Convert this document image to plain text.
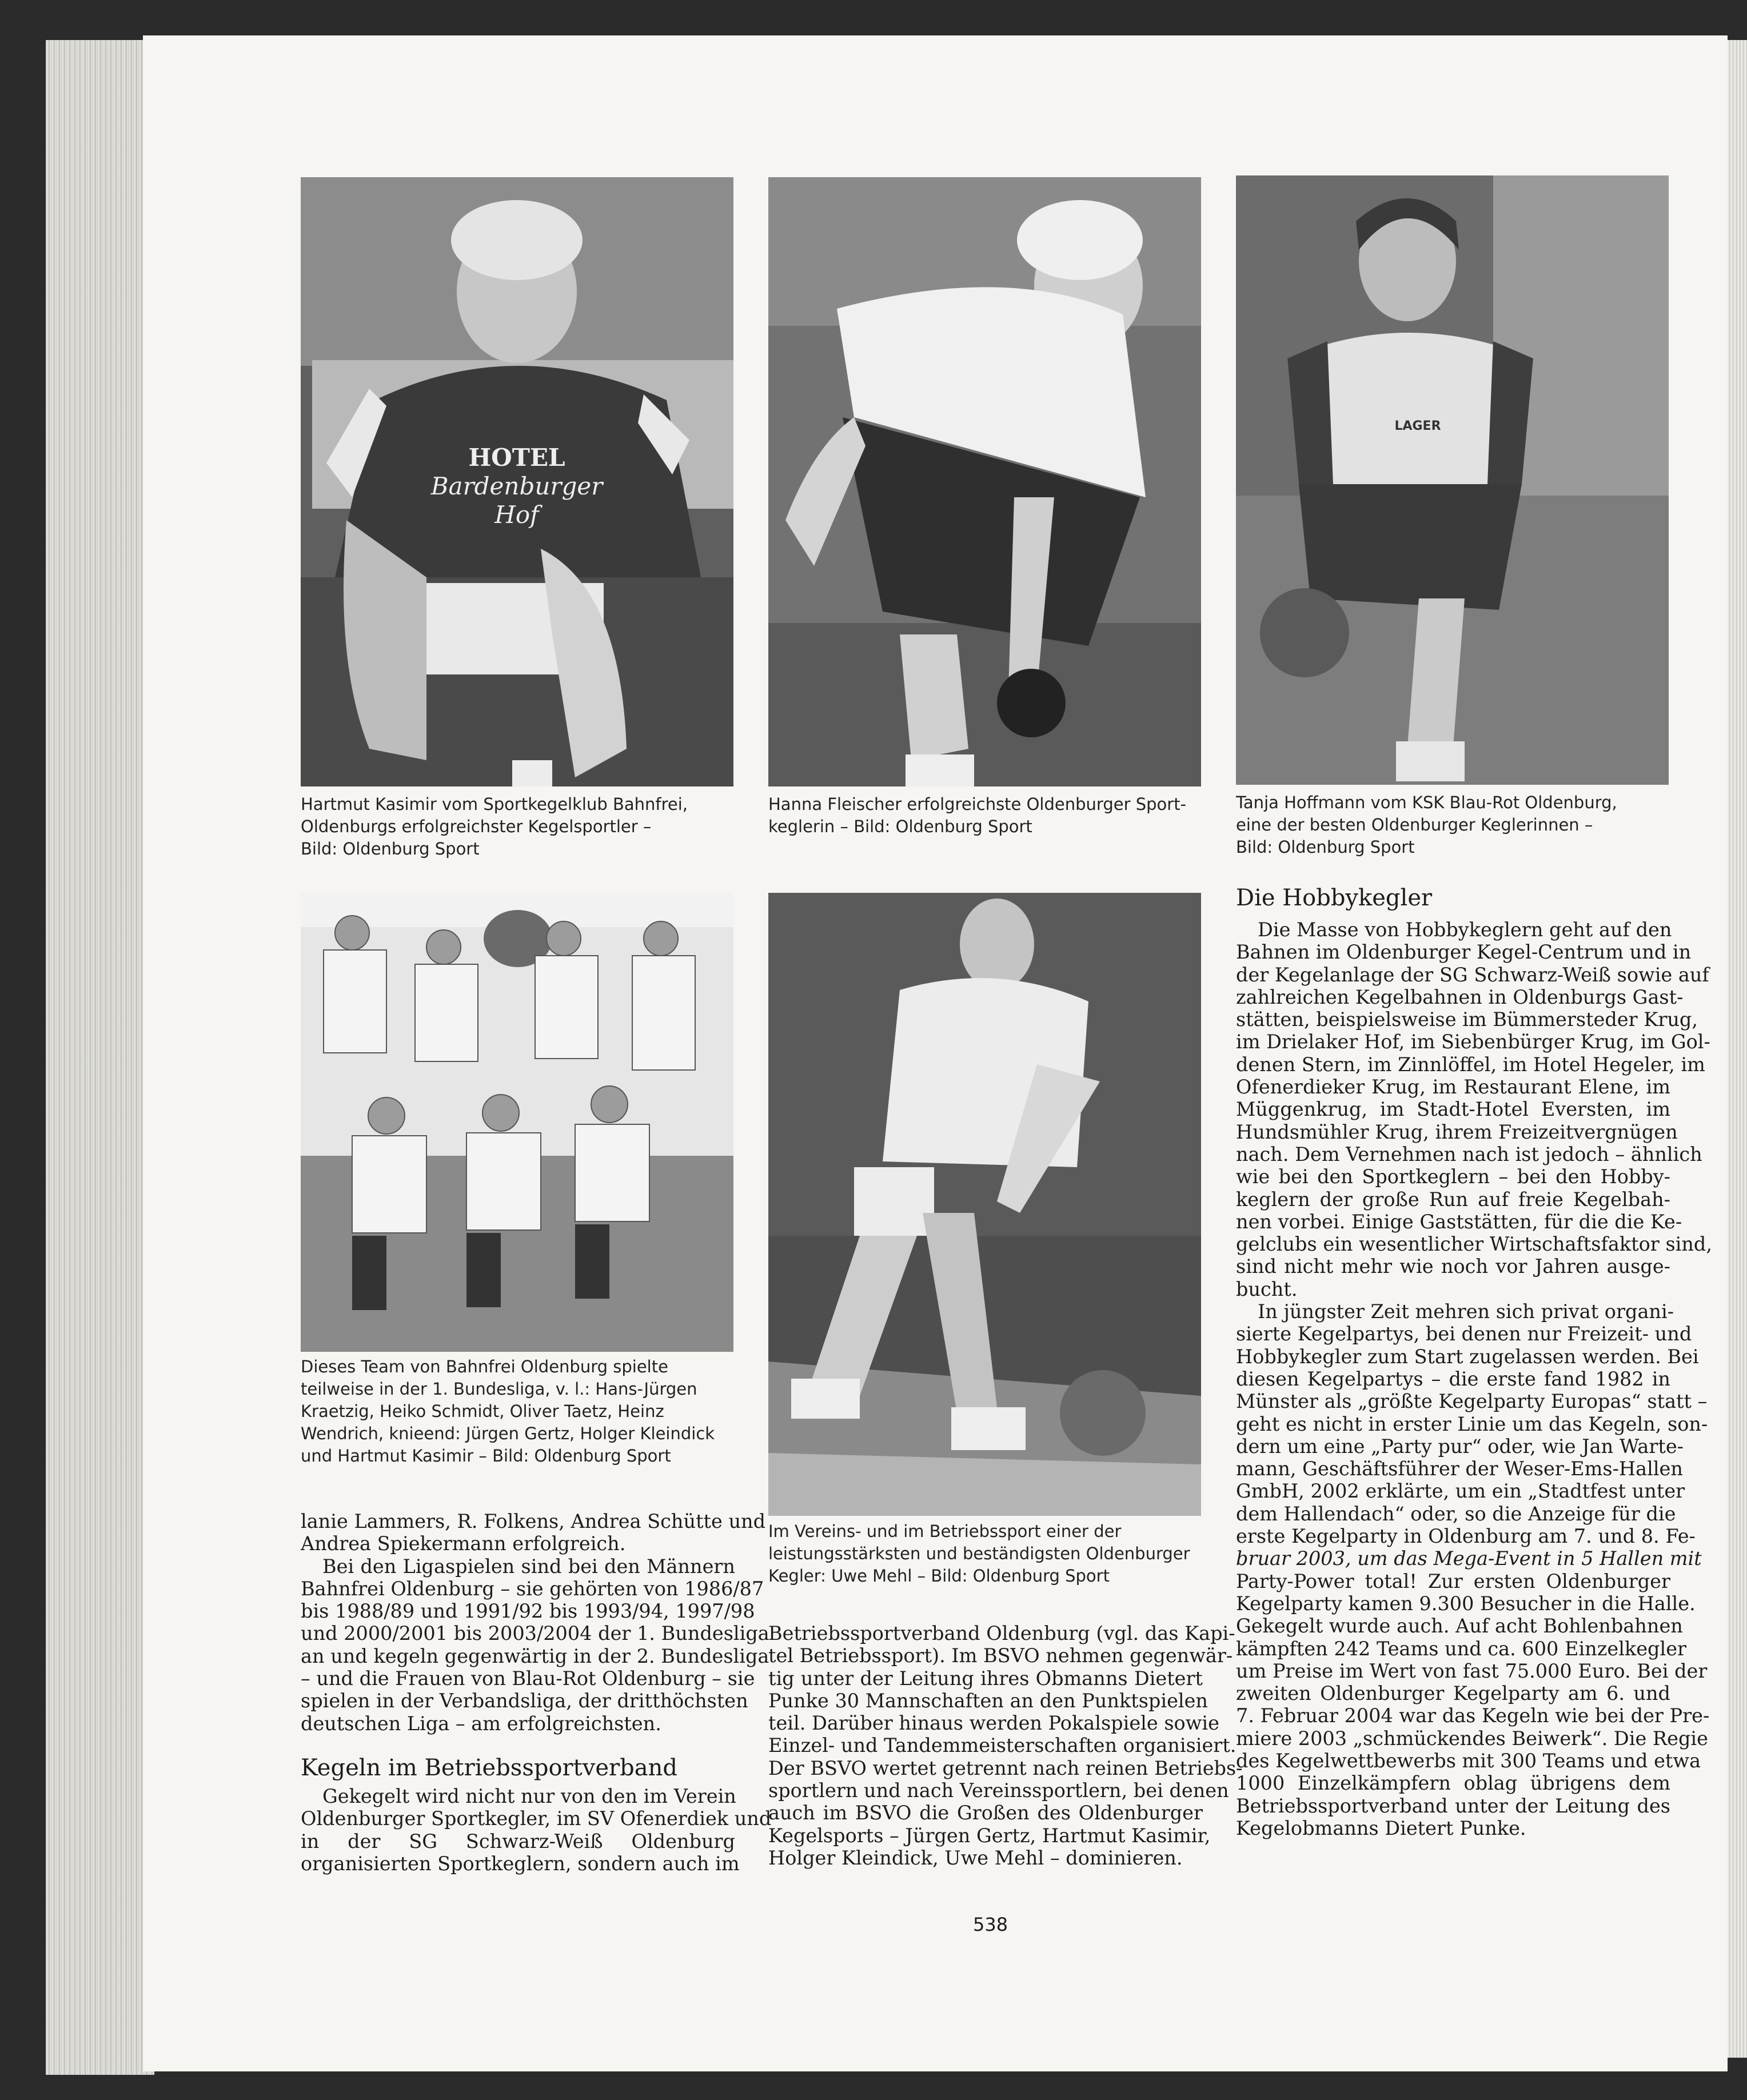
HOTEL
Bardenburger
Hof
Hartmut Kasimir vom Sportkegelklub Bahnfrei,
Oldenburgs erfolgreichster Kegelsportler –
Bild: Oldenburg Sport
Hanna Fleischer erfolgreichste Oldenburger Sport-
keglerin – Bild: Oldenburg Sport
LAGER
Tanja Hoffmann vom KSK Blau-Rot Oldenburg,
eine der besten Oldenburger Keglerinnen –
Bild: Oldenburg Sport
Dieses Team von Bahnfrei Oldenburg spielte
teilweise in der 1. Bundesliga, v. l.: Hans-Jürgen
Kraetzig, Heiko Schmidt, Oliver Taetz, Heinz
Wendrich, knieend: Jürgen Gertz, Holger Kleindick
und Hartmut Kasimir – Bild: Oldenburg Sport
Im Vereins- und im Betriebssport einer der
leistungsstärksten und beständigsten Oldenburger
Kegler: Uwe Mehl – Bild: Oldenburg Sport
lanie Lammers, R. Folkens, Andrea Schütte und
Andrea Spiekermann erfolgreich.
Bei den Ligaspielen sind bei den Männern
Bahnfrei Oldenburg – sie gehörten von 1986/87
bis 1988/89 und 1991/92 bis 1993/94, 1997/98
und 2000/2001 bis 2003/2004 der 1. Bundesliga
an und kegeln gegenwärtig in der 2. Bundesliga
– und die Frauen von Blau-Rot Oldenburg – sie
spielen in der Verbandsliga, der dritthöchsten
deutschen Liga – am erfolgreichsten.
Kegeln im Betriebssportverband
Gekegelt wird nicht nur von den im Verein
Oldenburger Sportkegler, im SV Ofenerdiek und
in der SG Schwarz-Weiß Oldenburg
organisierten Sportkeglern, sondern auch im
Betriebssportverband Oldenburg (vgl. das Kapi-
tel Betriebssport). Im BSVO nehmen gegenwär-
tig unter der Leitung ihres Obmanns Dietert
Punke 30 Mannschaften an den Punktspielen
teil. Darüber hinaus werden Pokalspiele sowie
Einzel- und Tandemmeisterschaften organisiert.
Der BSVO wertet getrennt nach reinen Betriebs-
sportlern und nach Vereinssportlern, bei denen
auch im BSVO die Großen des Oldenburger
Kegelsports – Jürgen Gertz, Hartmut Kasimir,
Holger Kleindick, Uwe Mehl – dominieren.
Die Hobbykegler
Die Masse von Hobbykeglern geht auf den
Bahnen im Oldenburger Kegel-Centrum und in
der Kegelanlage der SG Schwarz-Weiß sowie auf
zahlreichen Kegelbahnen in Oldenburgs Gast-
stätten, beispielsweise im Bümmersteder Krug,
im Drielaker Hof, im Siebenbürger Krug, im Gol-
denen Stern, im Zinnlöffel, im Hotel Hegeler, im
Ofenerdieker Krug, im Restaurant Elene, im
Müggenkrug, im Stadt-Hotel Eversten, im
Hundsmühler Krug, ihrem Freizeitvergnügen
nach. Dem Vernehmen nach ist jedoch – ähnlich
wie bei den Sportkeglern – bei den Hobby-
keglern der große Run auf freie Kegelbah-
nen vorbei. Einige Gaststätten, für die die Ke-
gelclubs ein wesentlicher Wirtschaftsfaktor sind,
sind nicht mehr wie noch vor Jahren ausge-
bucht.
In jüngster Zeit mehren sich privat organi-
sierte Kegelpartys, bei denen nur Freizeit- und
Hobbykegler zum Start zugelassen werden. Bei
diesen Kegelpartys – die erste fand 1982 in
Münster als „größte Kegelparty Europas“ statt –
geht es nicht in erster Linie um das Kegeln, son-
dern um eine „Party pur“ oder, wie Jan Warte-
mann, Geschäftsführer der Weser-Ems-Hallen
GmbH, 2002 erklärte, um ein „Stadtfest unter
dem Hallendach“ oder, so die Anzeige für die
erste Kegelparty in Oldenburg am 7. und 8. Fe-
bruar 2003, um das Mega-Event in 5 Hallen mit
Party-Power total! Zur ersten Oldenburger
Kegelparty kamen 9.300 Besucher in die Halle.
Gekegelt wurde auch. Auf acht Bohlenbahnen
kämpften 242 Teams und ca. 600 Einzelkegler
um Preise im Wert von fast 75.000 Euro. Bei der
zweiten Oldenburger Kegelparty am 6. und
7. Februar 2004 war das Kegeln wie bei der Pre-
miere 2003 „schmückendes Beiwerk“. Die Regie
des Kegelwettbewerbs mit 300 Teams und etwa
1000 Einzelkämpfern oblag übrigens dem
Betriebssportverband unter der Leitung des
Kegelobmanns Dietert Punke.
538
